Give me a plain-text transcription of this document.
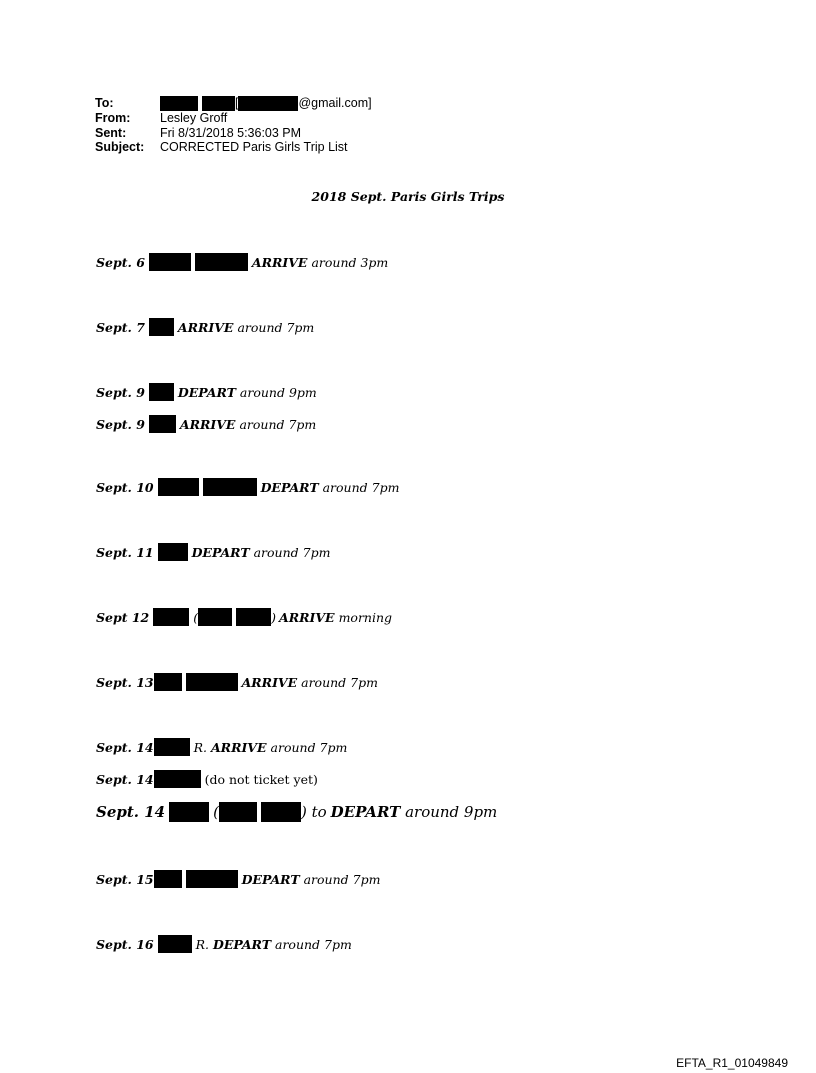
To:	[	@gmail.com]
From:	Lesley Groff
Sent:	Fri 8/31/2018 5:36:03 PM
Subject:	CORRECTED Paris Girls Trip List
2018 Sept. Paris Girls Trips
Sept. 6	ARRIVE around 3pm
Sept. 7	ARRIVE around 7pm
Sept. 9	DEPART around 9pm
Sept. 9	ARRIVE around 7pm
Sept. 10	DEPART around 7pm
Sept. 11	DEPART around 7pm
Sept 12	(	) ARRIVE morning
Sept. 13	ARRIVE around 7pm
Sept. 14	R. ARRIVE around 7pm
Sept. 14	(do not ticket yet)
Sept. 14	(	) to DEPART around 9pm
Sept. 15	DEPART around 7pm
Sept. 16	R. DEPART around 7pm
EFTA_R1_01049849
